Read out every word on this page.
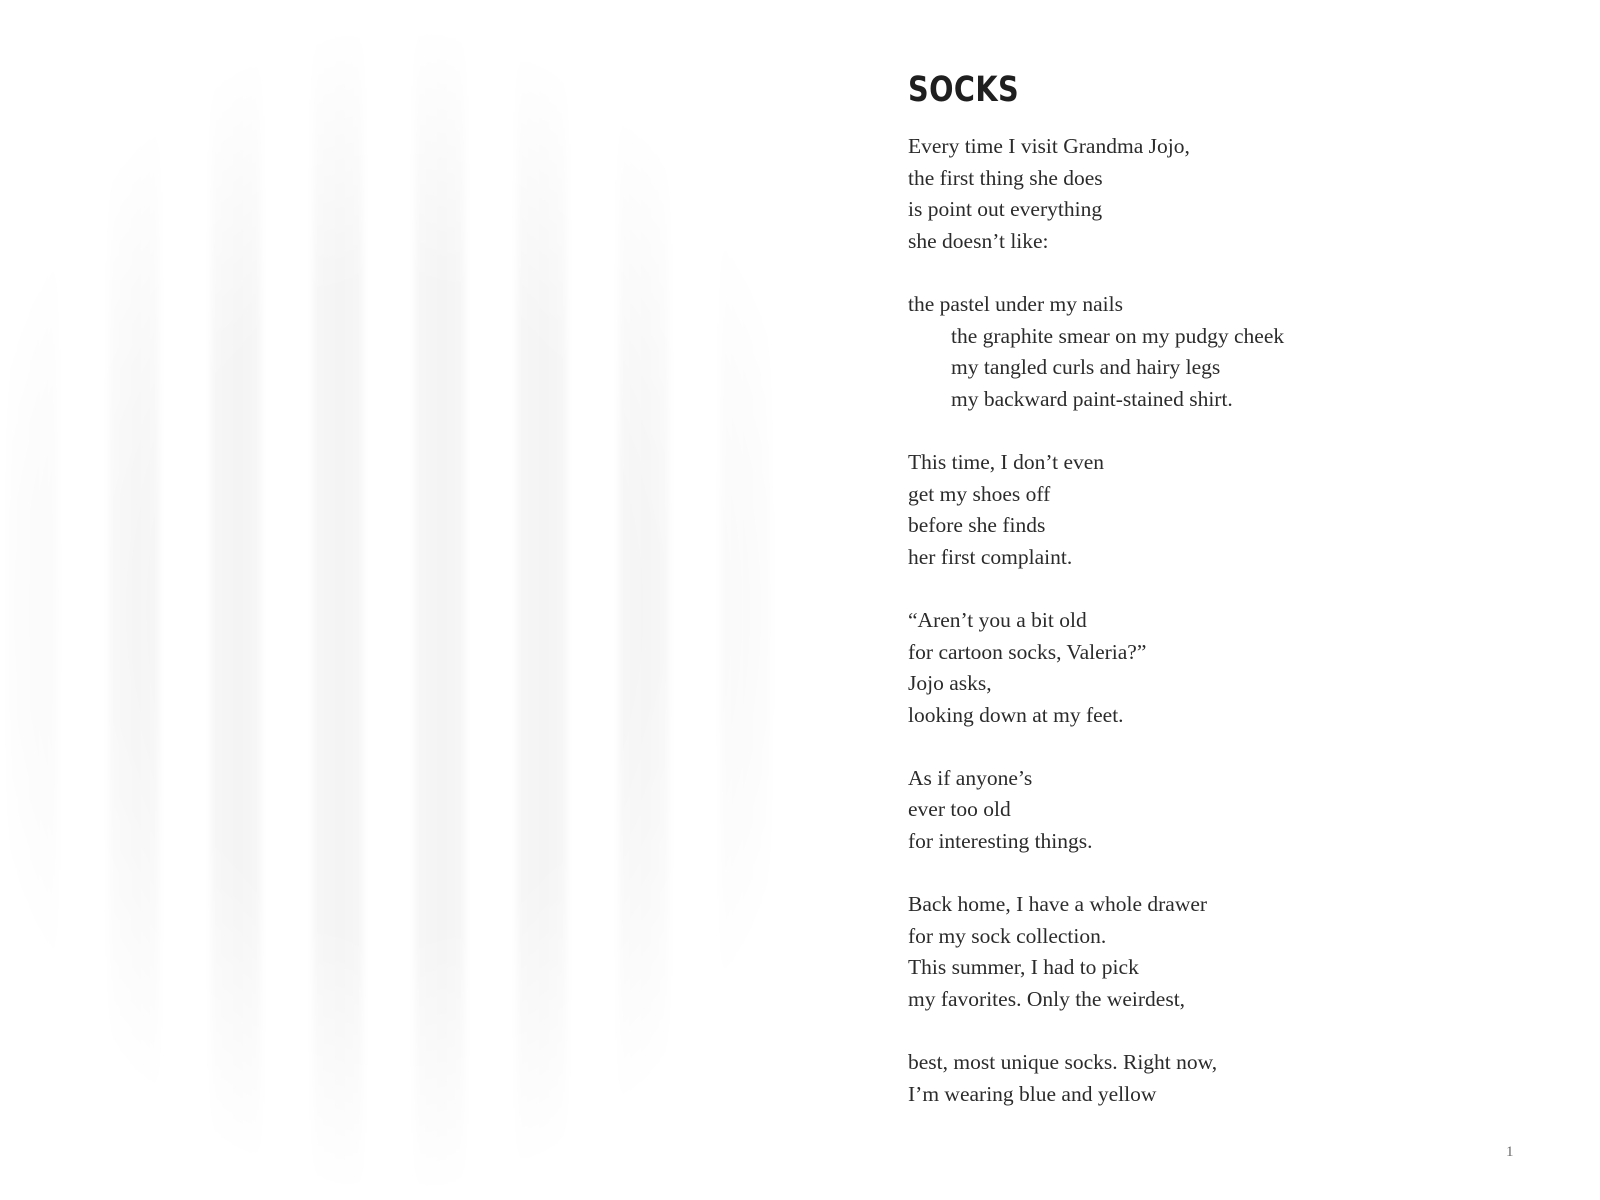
SOCKS
Every time I visit Grandma Jojo,
the first thing she does
is point out everything
she doesn’t like:
the pastel under my nails
the graphite smear on my pudgy cheek
my tangled curls and hairy legs
my backward paint-stained shirt.
This time, I don’t even
get my shoes off
before she finds
her first complaint.
“Aren’t you a bit old
for cartoon socks, Valeria?”
Jojo asks,
looking down at my feet.
As if anyone’s
ever too old
for interesting things.
Back home, I have a whole drawer
for my sock collection.
This summer, I had to pick
my favorites. Only the weirdest,
best, most unique socks. Right now,
I’m wearing blue and yellow
1
